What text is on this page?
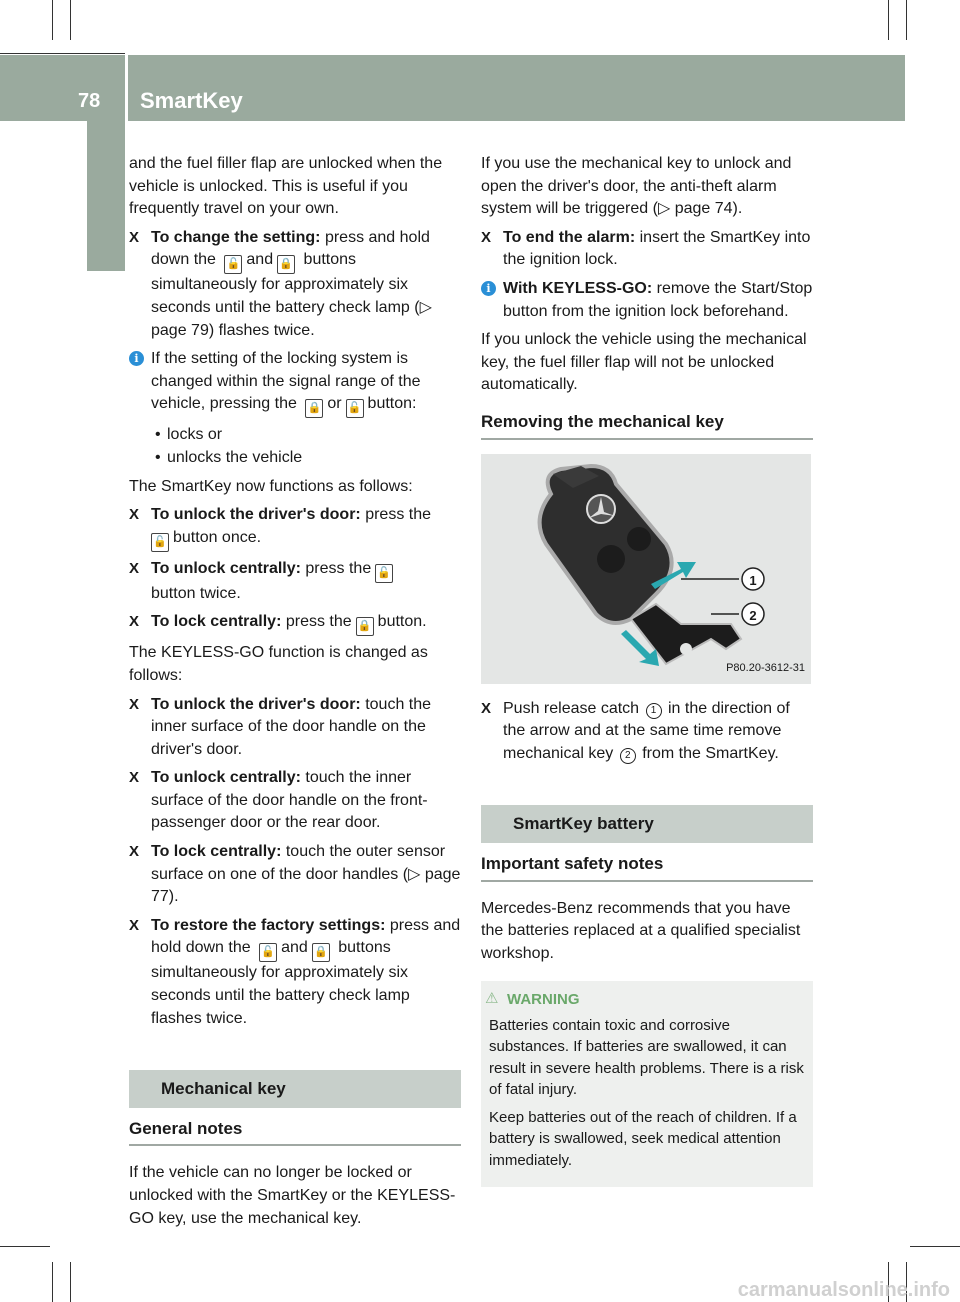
78	SmartKey
Opening and closing

and the fuel filler flap are unlocked when the vehicle is unlocked. This is useful if you frequently travel on your own.

X To change the setting: press and hold down the 🔓 and 🔒 buttons simultaneously for approximately six seconds until the battery check lamp (▷ page 79) flashes twice.
i If the setting of the locking system is changed within the signal range of the vehicle, pressing the 🔒 or 🔓 button:
• locks or
• unlocks the vehicle

The SmartKey now functions as follows:

X To unlock the driver's door: press the
🔓 button once.
X To unlock centrally: press the 🔓
button twice.
X To lock centrally: press the 🔒 button.

The KEYLESS-GO function is changed as follows:

X To unlock the driver's door: touch the inner surface of the door handle on the driver's door.
X To unlock centrally: touch the inner surface of the door handle on the front-passenger door or the rear door.
X To lock centrally: touch the outer sensor surface on one of the door handles (▷ page 77).
X To restore the factory settings: press and hold down the 🔓 and 🔒 buttons simultaneously for approximately six seconds until the battery check lamp flashes twice.
Mechanical key
General notes

If the vehicle can no longer be locked or unlocked with the SmartKey or the KEYLESS-GO key, use the mechanical key.

If you use the mechanical key to unlock and open the driver's door, the anti-theft alarm system will be triggered (▷ page 74).

X To end the alarm: insert the SmartKey into the ignition lock.
i With KEYLESS-GO: remove the Start/Stop button from the ignition lock beforehand.

If you unlock the vehicle using the mechanical key, the fuel filler flap will not be unlocked automatically.

Removing the mechanical key
1
2
P80.20-3612-31
X Push release catch 1 in the direction of the arrow and at the same time remove mechanical key 2 from the SmartKey.
SmartKey battery
Important safety notes

Mercedes-Benz recommends that you have the batteries replaced at a qualified specialist workshop.

⚠ WARNING

Batteries contain toxic and corrosive substances. If batteries are swallowed, it can result in severe health problems. There is a risk of fatal injury.

Keep batteries out of the reach of children. If a battery is swallowed, seek medical attention immediately.

carmanualsonline.info
